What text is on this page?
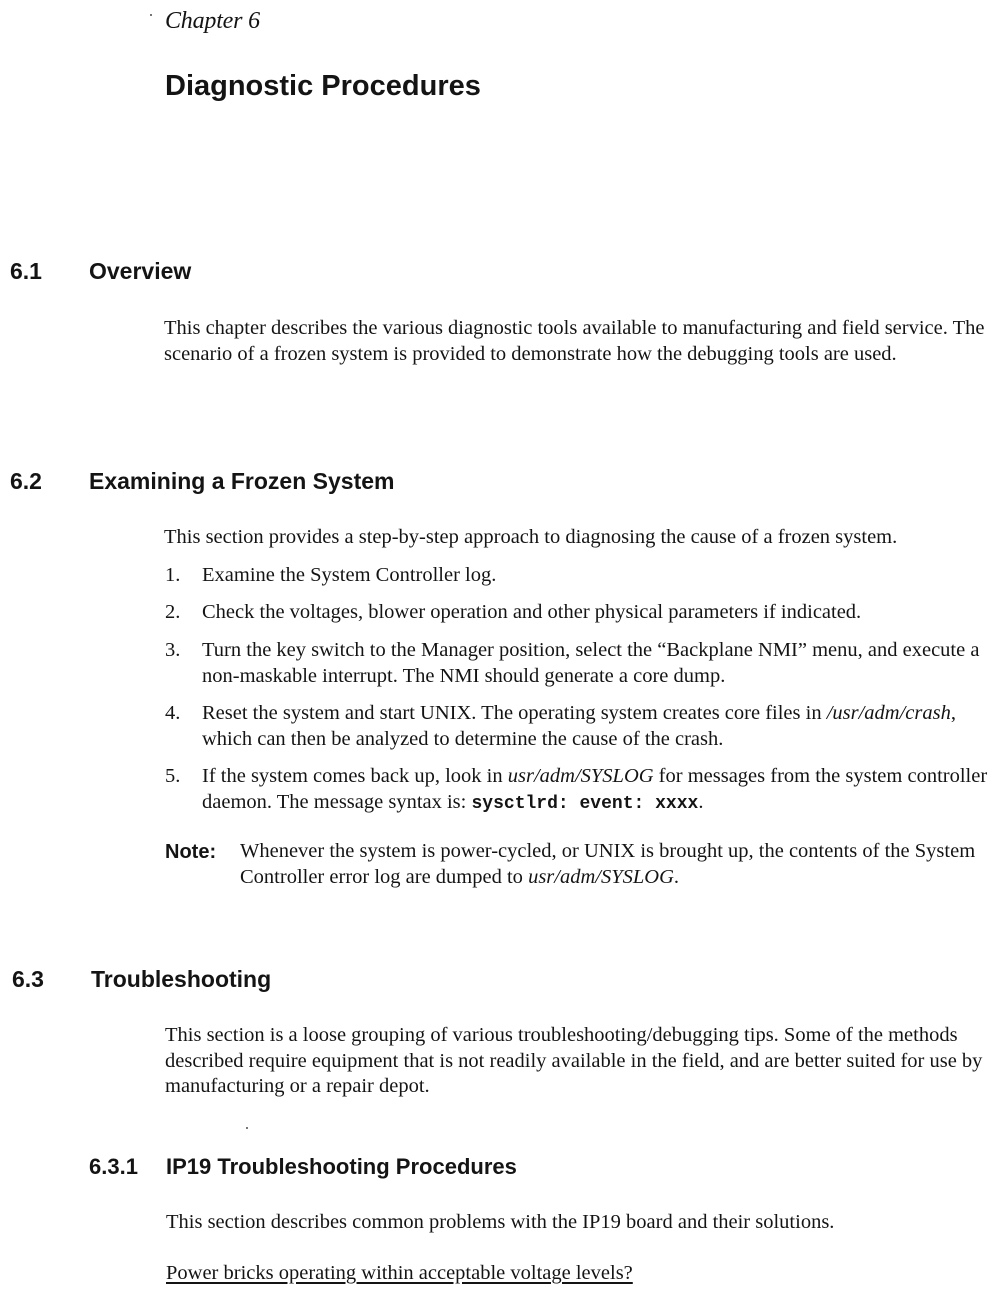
Chapter 6
Diagnostic Procedures
6.1 Overview
This chapter describes the various diagnostic tools available to manufacturing and field service. The scenario of a frozen system is provided to demonstrate how the debugging tools are used.
6.2 Examining a Frozen System
This section provides a step-by-step approach to diagnosing the cause of a frozen system.
1. Examine the System Controller log.
2. Check the voltages, blower operation and other physical parameters if indicated.
3. Turn the key switch to the Manager position, select the “Backplane NMI” menu, and execute a non-maskable interrupt. The NMI should generate a core dump.
4. Reset the system and start UNIX. The operating system creates core files in /usr/adm/crash, which can then be analyzed to determine the cause of the crash.
5. If the system comes back up, look in usr/adm/SYSLOG for messages from the system controller daemon. The message syntax is: sysctlrd: event: xxxx.
Note: Whenever the system is power-cycled, or UNIX is brought up, the contents of the System Controller error log are dumped to usr/adm/SYSLOG.
6.3 Troubleshooting
This section is a loose grouping of various troubleshooting/debugging tips. Some of the methods described require equipment that is not readily available in the field, and are better suited for use by manufacturing or a repair depot.
6.3.1 IP19 Troubleshooting Procedures
This section describes common problems with the IP19 board and their solutions.
Power bricks operating within acceptable voltage levels?
